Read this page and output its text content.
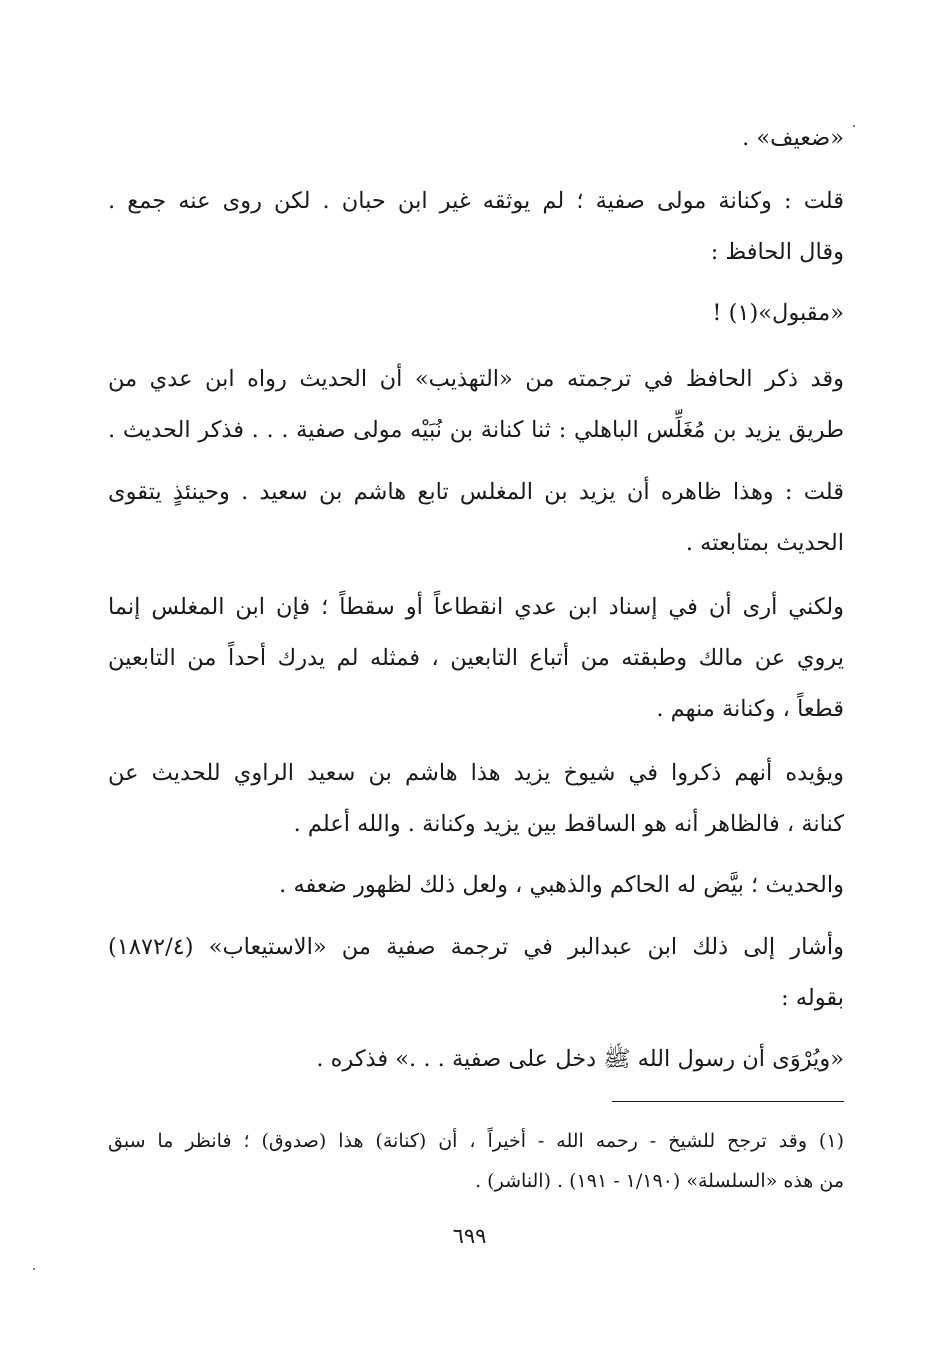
«ضعيف» .
قلت : وكنانة مولى صفية ؛ لم يوثقه غير ابن حبان . لكن روى عنه جمع .
وقال الحافظ :
«مقبول»(١) !
وقد ذكر الحافظ في ترجمته من «التهذيب» أن الحديث رواه ابن عدي من
طريق يزيد بن مُغَلِّس الباهلي : ثنا كنانة بن نُبَيْه مولى صفية . . . فذكر الحديث .
قلت : وهذا ظاهره أن يزيد بن المغلس تابع هاشم بن سعيد . وحينئذٍ يتقوى
الحديث بمتابعته .
ولكني أرى أن في إسناد ابن عدي انقطاعاً أو سقطاً ؛ فإن ابن المغلس إنما
يروي عن مالك وطبقته من أتباع التابعين ، فمثله لم يدرك أحداً من التابعين
قطعاً ، وكنانة منهم .
ويؤيده أنهم ذكروا في شيوخ يزيد هذا هاشم بن سعيد الراوي للحديث عن
كنانة ، فالظاهر أنه هو الساقط بين يزيد وكنانة . والله أعلم .
والحديث ؛ بيَّض له الحاكم والذهبي ، ولعل ذلك لظهور ضعفه .
وأشار إلى ذلك ابن عبدالبر في ترجمة صفية من «الاستيعاب» (١٨٧٢/٤)
بقوله :
«ويُرْوَى أن رسول الله ﷺ دخل على صفية . . .» فذكره .
(١) وقد ترجح للشيخ - رحمه الله - أخيراً ، أن (كنانة) هذا (صدوق) ؛ فانظر ما سبق
من هذه «السلسلة» (١/١٩٠ - ١٩١) . (الناشر) .
٦٩٩
